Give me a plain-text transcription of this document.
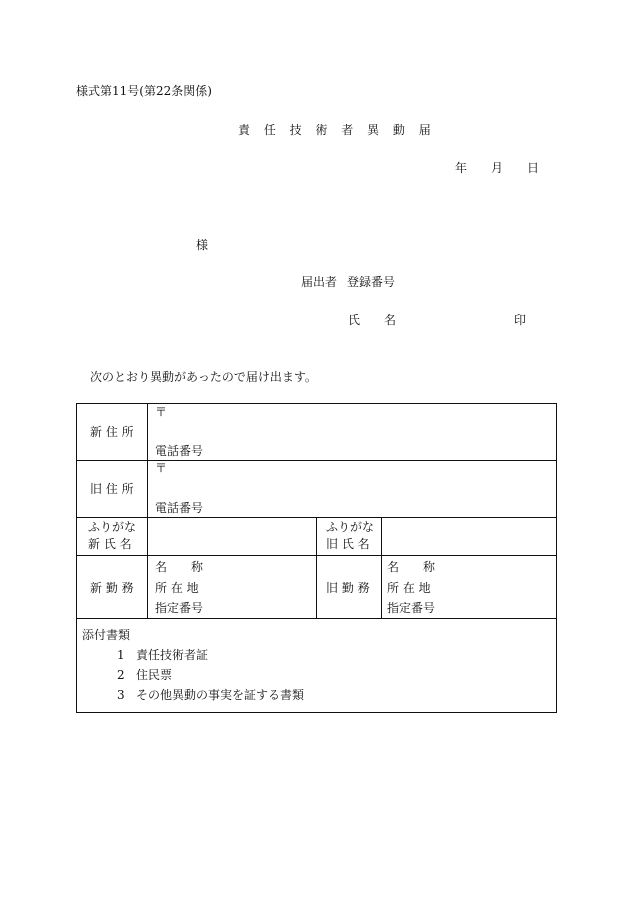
様式第11号(第22条関係)
責 任 技 術 者 異 動 届
年 月 日
様
届出者 登録番号
氏　　名	印
次のとおり異動があったので届け出ます。
新 住 所
〒
電話番号
旧 住 所
〒
電話番号
ふりがな
新 氏 名
ふりがな
旧 氏 名
新 勤 務
名　　称
所 在 地
指定番号
旧 勤 務
名　　称
所 在 地
指定番号
添付書類
1 責任技術者証
2 住民票
3 その他異動の事実を証する書類
